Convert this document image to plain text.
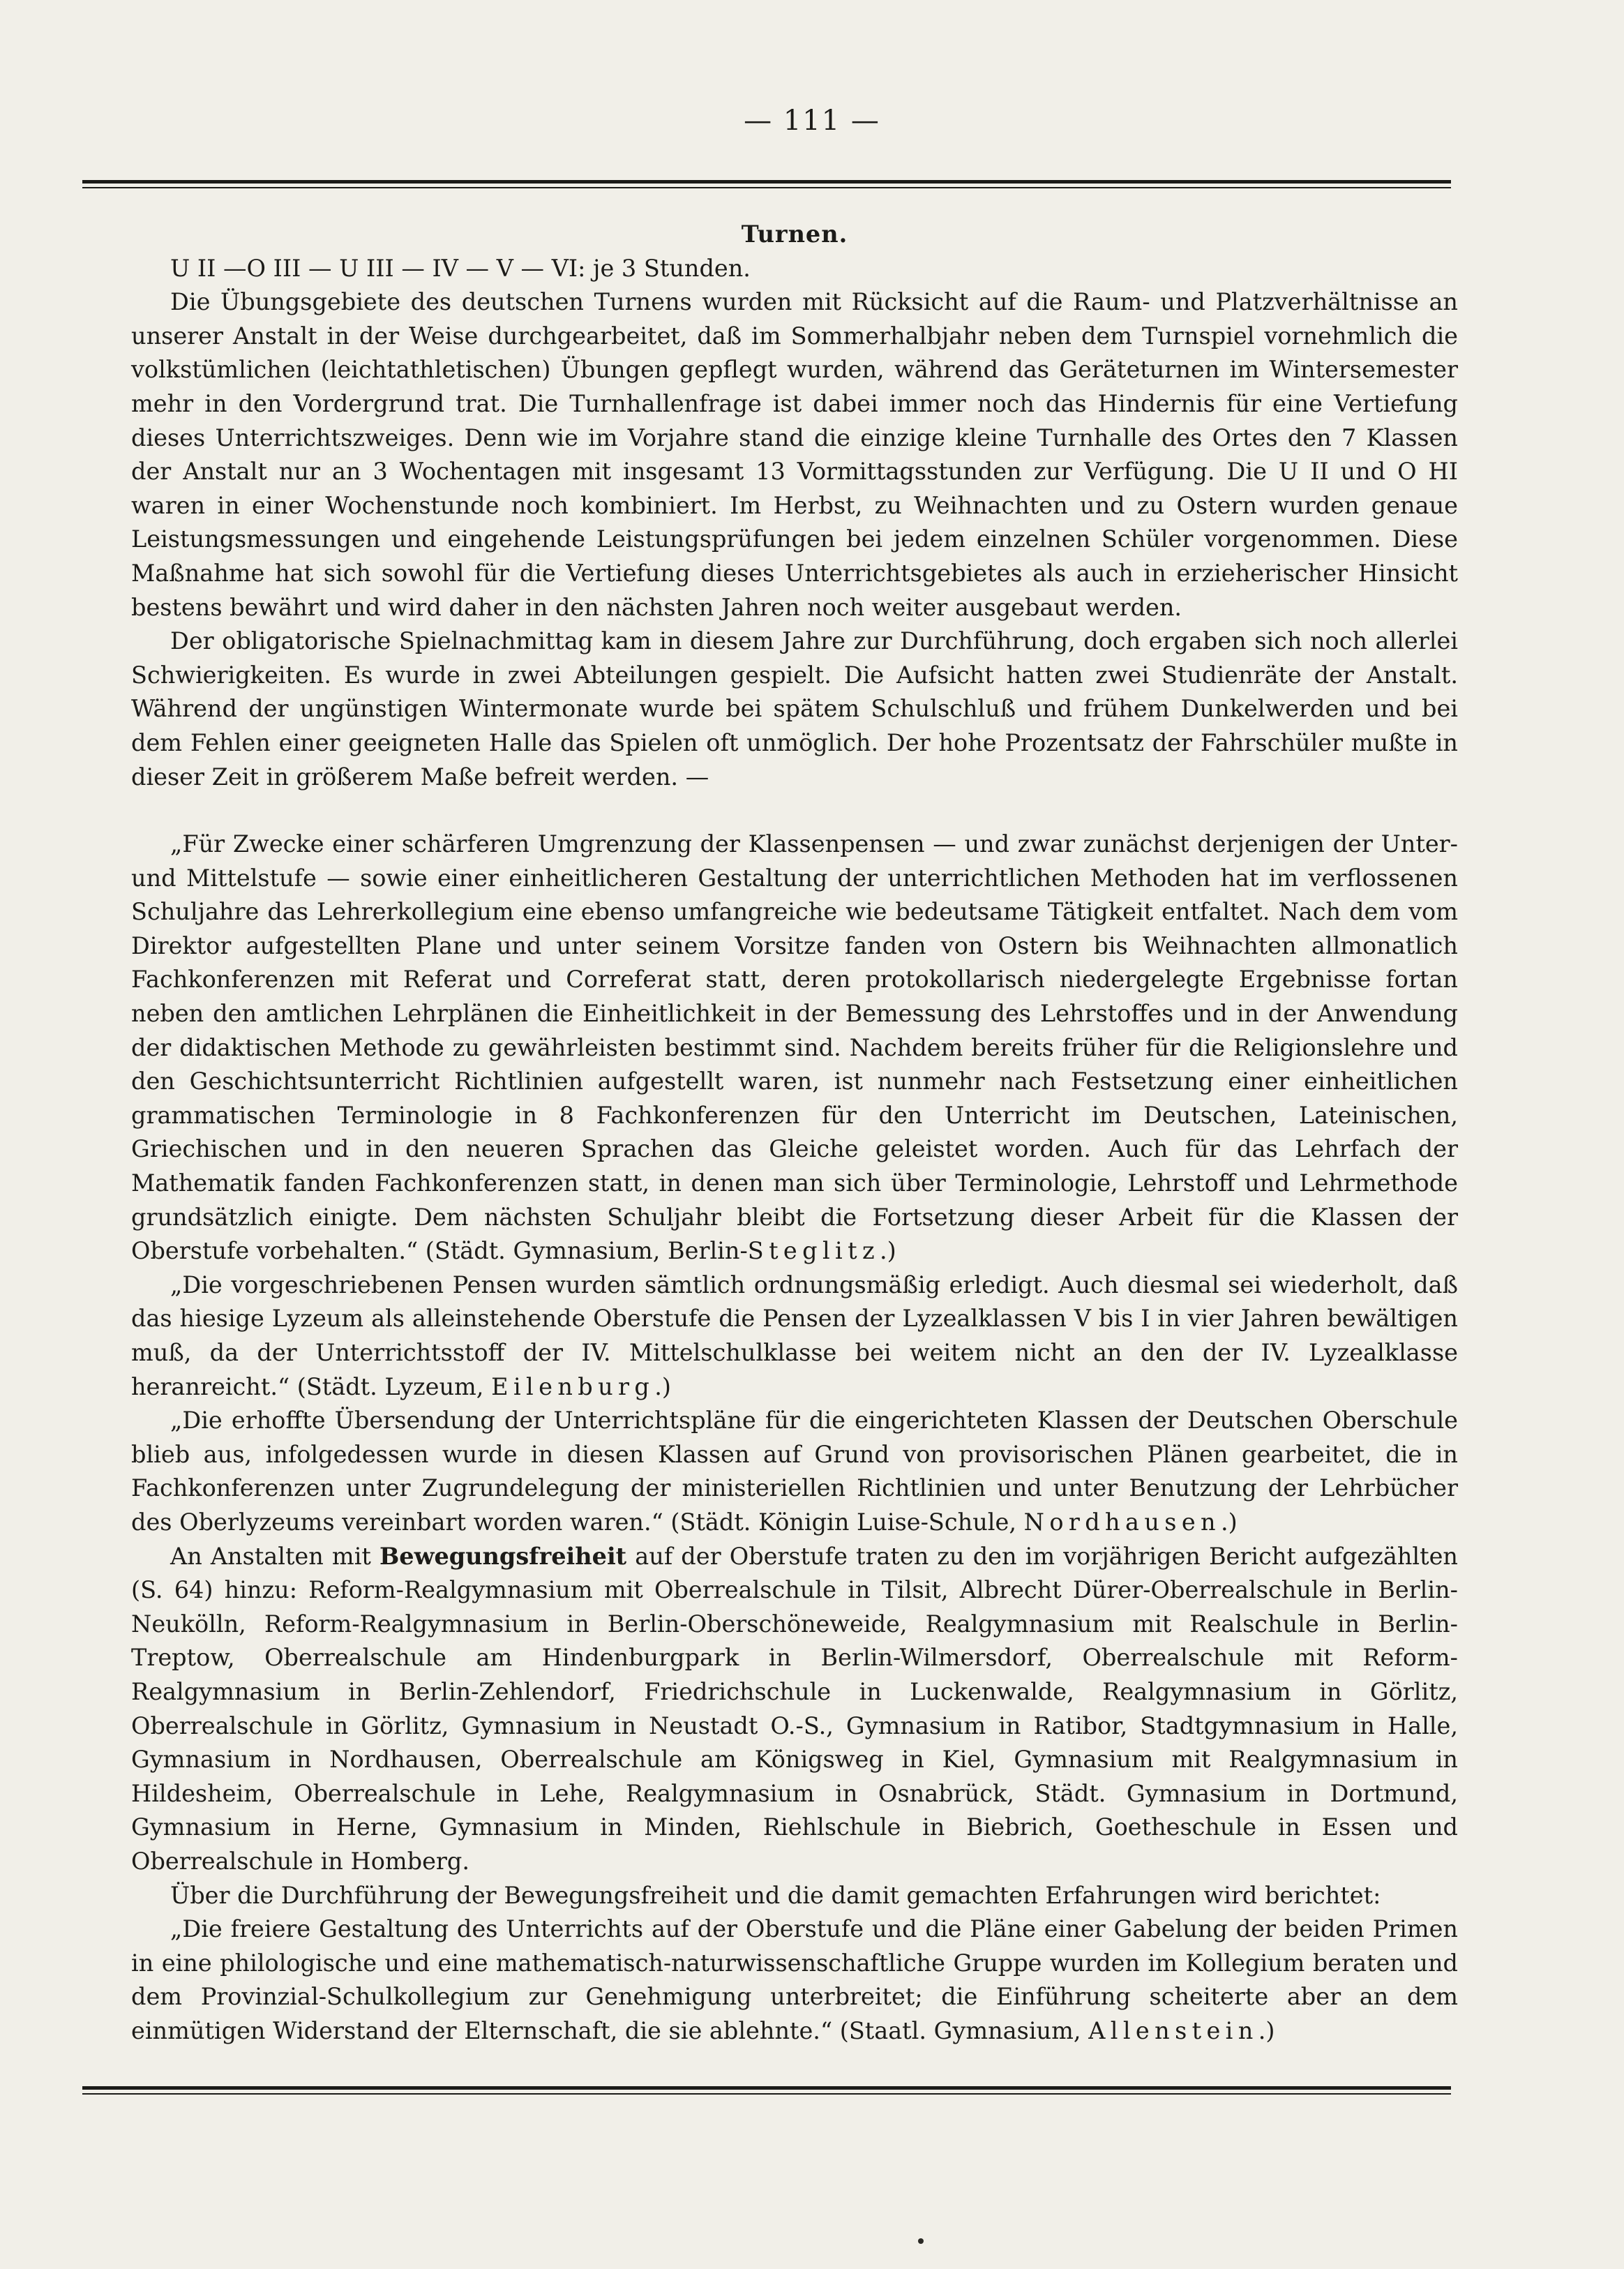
— 111 —

Turnen.

U II —O III — U III — IV — V — VI: je 3 Stunden.

Die Übungsgebiete des deutschen Turnens wurden mit Rücksicht auf die Raum- und Platzverhältnisse an unserer Anstalt in der Weise durchgearbeitet, daß im Sommerhalbjahr neben dem Turnspiel vornehmlich die volkstümlichen (leichtathletischen) Übungen gepflegt wurden, während das Geräteturnen im Wintersemester mehr in den Vordergrund trat. Die Turnhallenfrage ist dabei immer noch das Hindernis für eine Vertiefung dieses Unterrichtszweiges. Denn wie im Vorjahre stand die einzige kleine Turnhalle des Ortes den 7 Klassen der Anstalt nur an 3 Wochentagen mit insgesamt 13 Vormittagsstunden zur Verfügung. Die U II und O HI waren in einer Wochenstunde noch kombiniert. Im Herbst, zu Weihnachten und zu Ostern wurden genaue Leistungsmessungen und eingehende Leistungsprüfungen bei jedem einzelnen Schüler vorgenommen. Diese Maßnahme hat sich sowohl für die Vertiefung dieses Unterrichtsgebietes als auch in erzieherischer Hinsicht bestens bewährt und wird daher in den nächsten Jahren noch weiter ausgebaut werden.

Der obligatorische Spielnachmittag kam in diesem Jahre zur Durchführung, doch ergaben sich noch allerlei Schwierigkeiten. Es wurde in zwei Abteilungen gespielt. Die Aufsicht hatten zwei Studienräte der Anstalt. Während der ungünstigen Wintermonate wurde bei spätem Schulschluß und frühem Dunkelwerden und bei dem Fehlen einer geeigneten Halle das Spielen oft unmöglich. Der hohe Prozentsatz der Fahrschüler mußte in dieser Zeit in größerem Maße befreit werden. —

„Für Zwecke einer schärferen Umgrenzung der Klassenpensen — und zwar zunächst derjenigen der Unter- und Mittelstufe — sowie einer einheitlicheren Gestaltung der unterrichtlichen Methoden hat im verflossenen Schuljahre das Lehrerkollegium eine ebenso umfangreiche wie bedeutsame Tätigkeit entfaltet. Nach dem vom Direktor aufgestellten Plane und unter seinem Vorsitze fanden von Ostern bis Weihnachten allmonatlich Fachkonferenzen mit Referat und Correferat statt, deren protokollarisch niedergelegte Ergebnisse fortan neben den amtlichen Lehrplänen die Einheitlichkeit in der Bemessung des Lehrstoffes und in der Anwendung der didaktischen Methode zu gewährleisten bestimmt sind. Nachdem bereits früher für die Religionslehre und den Geschichtsunterricht Richtlinien aufgestellt waren, ist nunmehr nach Festsetzung einer einheitlichen grammatischen Terminologie in 8 Fachkonferenzen für den Unterricht im Deutschen, Lateinischen, Griechischen und in den neueren Sprachen das Gleiche geleistet worden. Auch für das Lehrfach der Mathematik fanden Fachkonferenzen statt, in denen man sich über Terminologie, Lehrstoff und Lehrmethode grundsätzlich einigte. Dem nächsten Schuljahr bleibt die Fortsetzung dieser Arbeit für die Klassen der Oberstufe vorbehalten.“ (Städt. Gymnasium, Berlin-Steglitz.)

„Die vorgeschriebenen Pensen wurden sämtlich ordnungsmäßig erledigt. Auch diesmal sei wiederholt, daß das hiesige Lyzeum als alleinstehende Oberstufe die Pensen der Lyzealklassen V bis I in vier Jahren bewältigen muß, da der Unterrichtsstoff der IV. Mittelschulklasse bei weitem nicht an den der IV. Lyzealklasse heranreicht.“ (Städt. Lyzeum, Eilenburg.)

„Die erhoffte Übersendung der Unterrichtspläne für die eingerichteten Klassen der Deutschen Oberschule blieb aus, infolgedessen wurde in diesen Klassen auf Grund von provisorischen Plänen gearbeitet, die in Fachkonferenzen unter Zugrundelegung der ministeriellen Richtlinien und unter Benutzung der Lehrbücher des Oberlyzeums vereinbart worden waren.“ (Städt. Königin Luise-Schule, Nordhausen.)

An Anstalten mit Bewegungsfreiheit auf der Oberstufe traten zu den im vorjährigen Bericht aufgezählten (S. 64) hinzu: Reform-Realgymnasium mit Oberrealschule in Tilsit, Albrecht Dürer-Oberrealschule in Berlin-Neukölln, Reform-Realgymnasium in Berlin-Oberschöneweide, Realgymnasium mit Realschule in Berlin-Treptow, Oberrealschule am Hindenburgpark in Berlin-Wilmersdorf, Oberrealschule mit Reform-Realgymnasium in Berlin-Zehlendorf, Friedrichschule in Luckenwalde, Realgymnasium in Görlitz, Oberrealschule in Görlitz, Gymnasium in Neustadt O.-S., Gymnasium in Ratibor, Stadtgymnasium in Halle, Gymnasium in Nordhausen, Oberrealschule am Königsweg in Kiel, Gymnasium mit Realgymnasium in Hildesheim, Oberrealschule in Lehe, Realgymnasium in Osnabrück, Städt. Gymnasium in Dortmund, Gymnasium in Herne, Gymnasium in Minden, Riehlschule in Biebrich, Goetheschule in Essen und Oberrealschule in Homberg.

Über die Durchführung der Bewegungsfreiheit und die damit gemachten Erfahrungen wird berichtet:

„Die freiere Gestaltung des Unterrichts auf der Oberstufe und die Pläne einer Gabelung der beiden Primen in eine philologische und eine mathematisch-naturwissenschaftliche Gruppe wurden im Kollegium beraten und dem Provinzial-Schulkollegium zur Genehmigung unterbreitet; die Einführung scheiterte aber an dem einmütigen Widerstand der Elternschaft, die sie ablehnte.“ (Staatl. Gymnasium, Allenstein.)
